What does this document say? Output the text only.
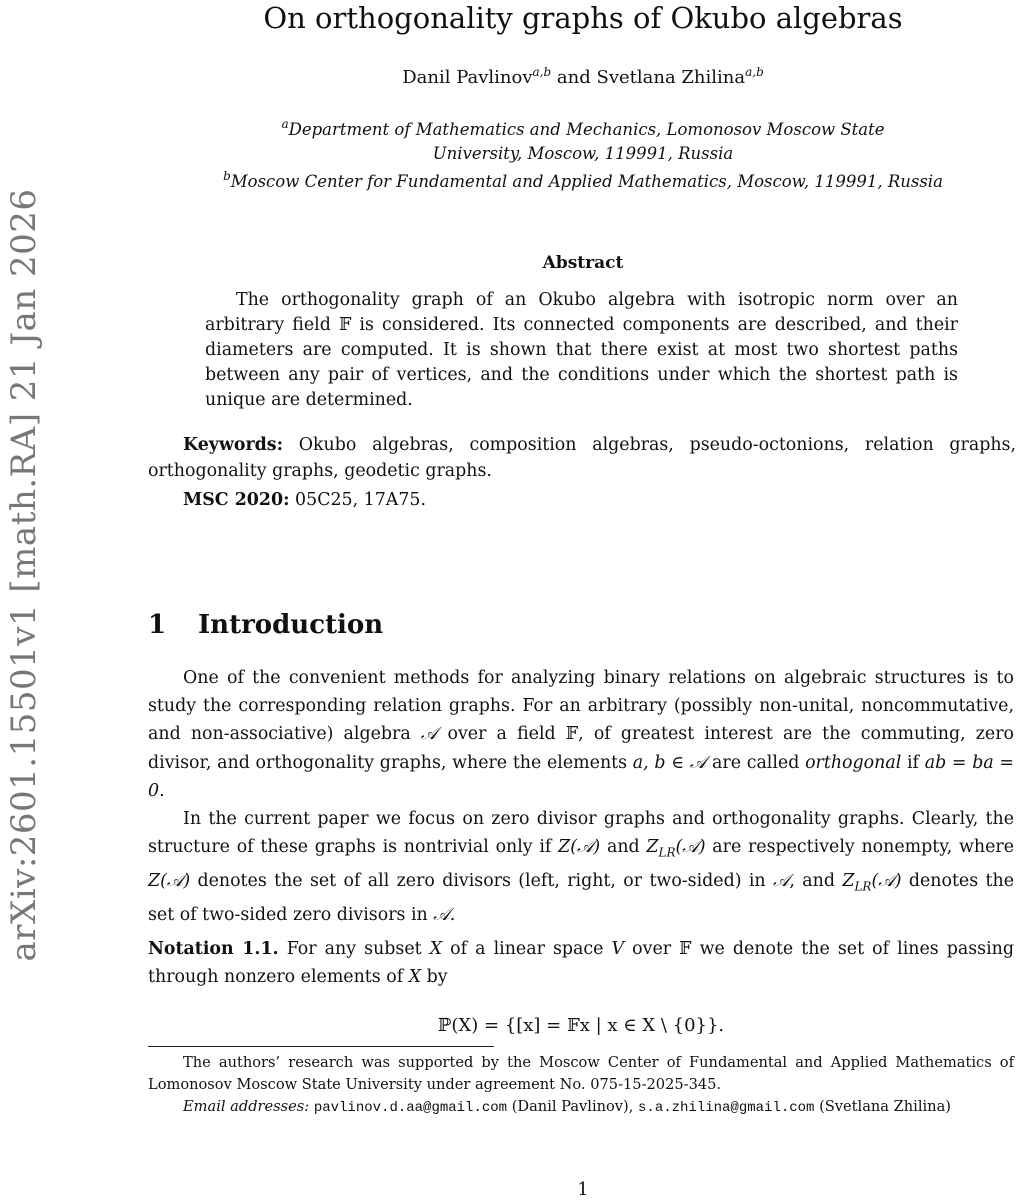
arXiv:2601.15501v1 [math.RA] 21 Jan 2026
On orthogonality graphs of Okubo algebras
Danil Pavlinov$^{a,b}$ and Svetlana Zhilina$^{a,b}$
$^a$Department of Mathematics and Mechanics, Lomonosov Moscow State
University, Moscow, 119991, Russia
$^b$Moscow Center for Fundamental and Applied Mathematics, Moscow, 119991, Russia
Abstract
The orthogonality graph of an Okubo algebra with isotropic norm over an arbitrary field 𝔽 is considered. Its connected components are described, and their diameters are computed. It is shown that there exist at most two shortest paths between any pair of vertices, and the conditions under which the shortest path is unique are determined.
Keywords: Okubo algebras, composition algebras, pseudo-octonions, relation graphs, orthogonality graphs, geodetic graphs.
MSC 2020: 05C25, 17A75.
1 Introduction
One of the convenient methods for analyzing binary relations on algebraic structures is to study the corresponding relation graphs. For an arbitrary (possibly non-unital, noncommutative, and non-associative) algebra 𝒜 over a field 𝔽, of greatest interest are the commuting, zero divisor, and orthogonality graphs, where the elements a, b ∈ 𝒜 are called orthogonal if ab = ba = 0.
In the current paper we focus on zero divisor graphs and orthogonality graphs. Clearly, the structure of these graphs is nontrivial only if Z(𝒜) and $Z_{LR}(𝒜)$ are respectively nonempty, where Z(𝒜) denotes the set of all zero divisors (left, right, or two-sided) in 𝒜, and $Z_{LR}(𝒜)$ denotes the set of two-sided zero divisors in 𝒜.
Notation 1.1. For any subset X of a linear space V over 𝔽 we denote the set of lines passing through nonzero elements of X by
ℙ(X) = {[x] = 𝔽x | x ∈ X \ {0}}.
The authors’ research was supported by the Moscow Center of Fundamental and Applied Mathematics of Lomonosov Moscow State University under agreement No. 075-15-2025-345.
Email addresses: pavlinov.d.aa@gmail.com (Danil Pavlinov), s.a.zhilina@gmail.com (Svetlana Zhilina)
1
